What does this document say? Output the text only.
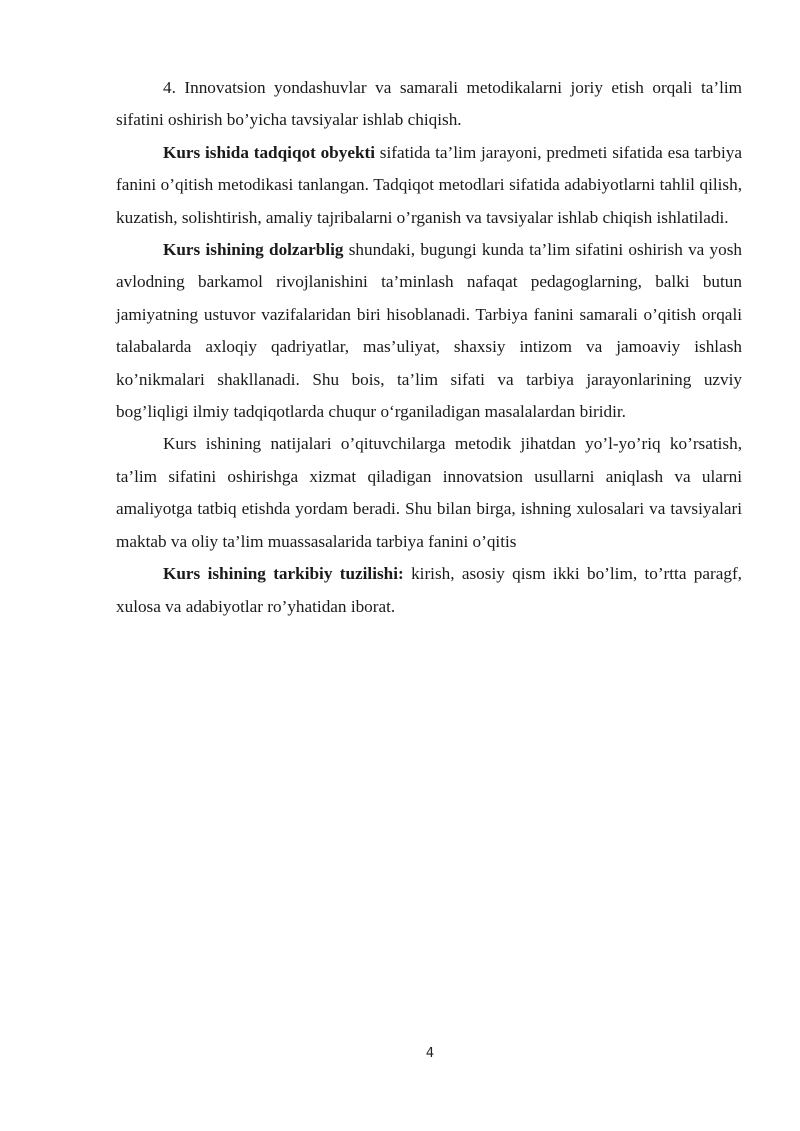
4. Innovatsion yondashuvlar va samarali metodikalarni joriy etish orqali ta’lim sifatini oshirish bo’yicha tavsiyalar ishlab chiqish.

Kurs ishida tadqiqot obyekti sifatida ta’lim jarayoni, predmeti sifatida esa tarbiya fanini o’qitish metodikasi tanlangan. Tadqiqot metodlari sifatida adabiyotlarni tahlil qilish, kuzatish, solishtirish, amaliy tajribalarni o’rganish va tavsiyalar ishlab chiqish ishlatiladi.

Kurs ishining dolzarblig shundaki, bugungi kunda ta’lim sifatini oshirish va yosh avlodning barkamol rivojlanishini ta’minlash nafaqat pedagoglarning, balki butun jamiyatning ustuvor vazifalaridan biri hisoblanadi. Tarbiya fanini samarali o’qitish orqali talabalarda axloqiy qadriyatlar, mas’uliyat, shaxsiy intizom va jamoaviy ishlash ko’nikmalari shakllanadi. Shu bois, ta’lim sifati va tarbiya jarayonlarining uzviy bog’liqligi ilmiy tadqiqotlarda chuqur o‘rganiladigan masalalardan biridir.

Kurs ishining natijalari o’qituvchilarga metodik jihatdan yo’l-yo’riq ko’rsatish, ta’lim sifatini oshirishga xizmat qiladigan innovatsion usullarni aniqlash va ularni amaliyotga tatbiq etishda yordam beradi. Shu bilan birga, ishning xulosalari va tavsiyalari maktab va oliy ta’lim muassasalarida tarbiya fanini o’qitis

Kurs ishining tarkibiy tuzilishi: kirish, asosiy qism ikki bo’lim, to’rtta paragf, xulosa va adabiyotlar ro’yhatidan iborat.

4
